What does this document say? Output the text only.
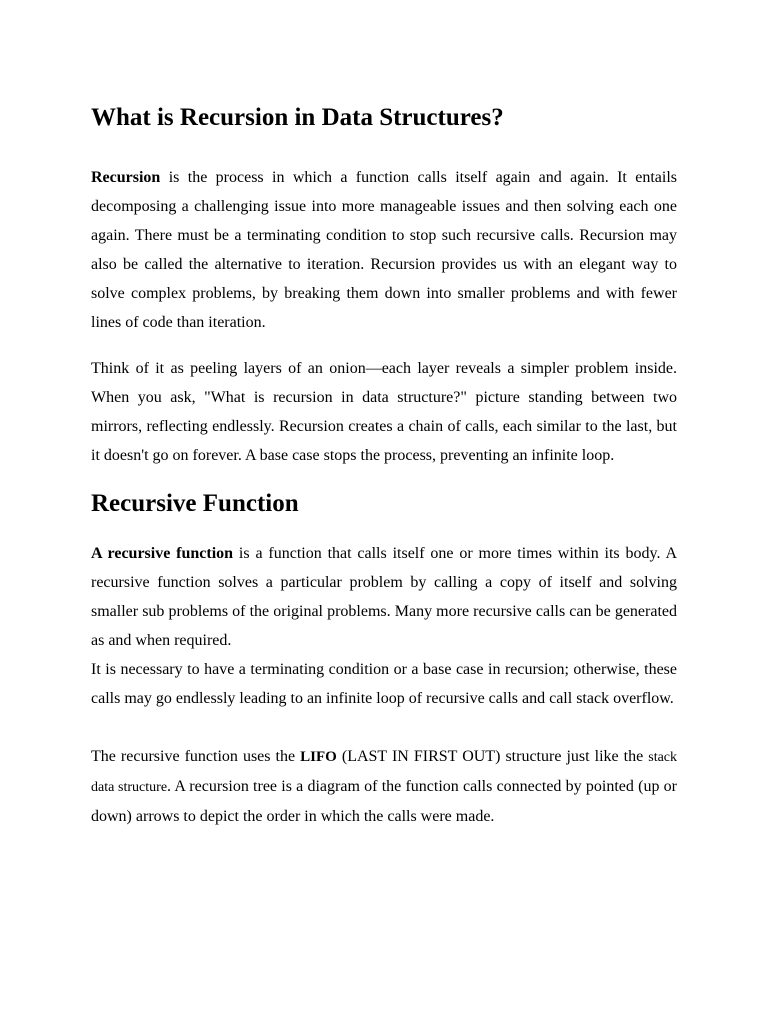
What is Recursion in Data Structures?

Recursion is the process in which a function calls itself again and again. It entails decomposing a challenging issue into more manageable issues and then solving each one again. There must be a terminating condition to stop such recursive calls. Recursion may also be called the alternative to iteration. Recursion provides us with an elegant way to solve complex problems, by breaking them down into smaller problems and with fewer lines of code than iteration.

Think of it as peeling layers of an onion—each layer reveals a simpler problem inside. When you ask, "What is recursion in data structure?" picture standing between two mirrors, reflecting endlessly. Recursion creates a chain of calls, each similar to the last, but it doesn't go on forever. A base case stops the process, preventing an infinite loop.

Recursive Function

A recursive function is a function that calls itself one or more times within its body. A recursive function solves a particular problem by calling a copy of itself and solving smaller sub problems of the original problems. Many more recursive calls can be generated as and when required.

It is necessary to have a terminating condition or a base case in recursion; otherwise, these calls may go endlessly leading to an infinite loop of recursive calls and call stack overflow.

The recursive function uses the LIFO (LAST IN FIRST OUT) structure just like the stack data structure. A recursion tree is a diagram of the function calls connected by pointed (up or down) arrows to depict the order in which the calls were made.
